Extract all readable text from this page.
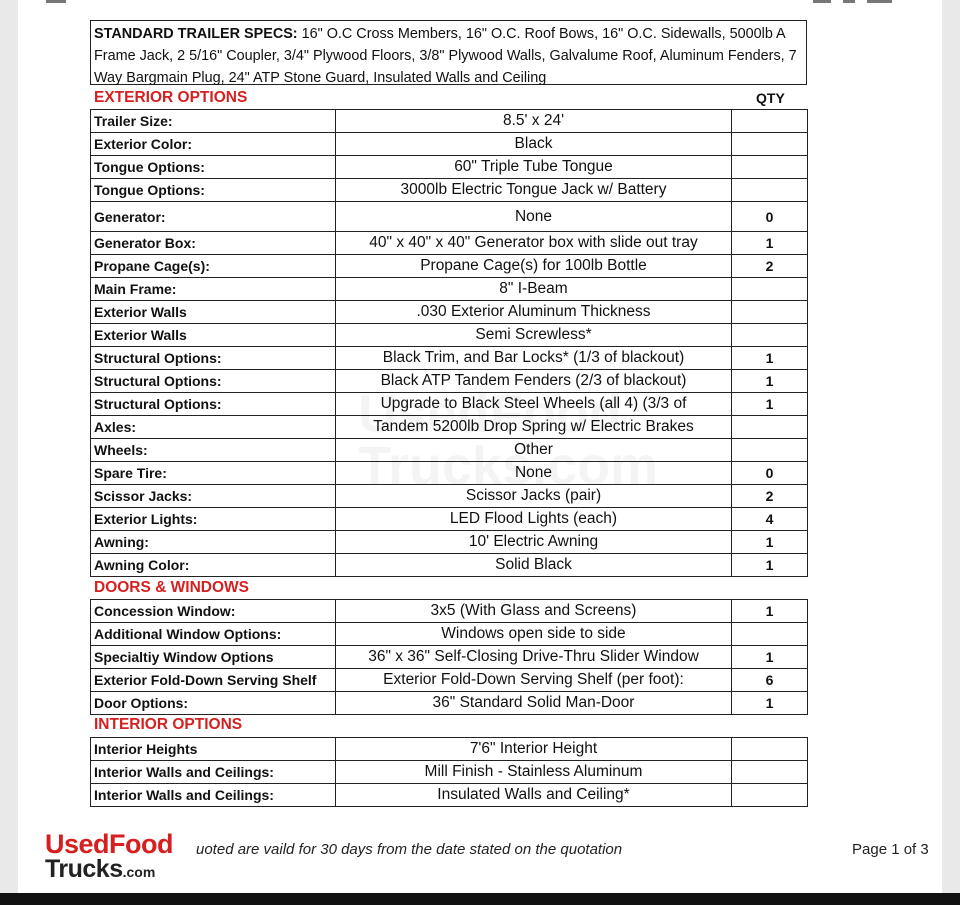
STANDARD TRAILER SPECS: 16" O.C Cross Members, 16" O.C. Roof Bows, 16" O.C. Sidewalls, 5000lb A Frame Jack, 2 5/16" Coupler, 3/4" Plywood Floors, 3/8" Plywood Walls, Galvalume Roof, Aluminum Fenders, 7 Way Bargmain Plug, 24" ATP Stone Guard, Insulated Walls and Ceiling
EXTERIOR OPTIONS	QTY
Trailer Size:	8.5' x 24'	
Exterior Color:	Black	
Tongue Options:	60" Triple Tube Tongue	
Tongue Options:	3000lb Electric Tongue Jack w/ Battery	
Generator:	None	0
Generator Box:	40" x 40" x 40" Generator box with slide out tray	1
Propane Cage(s):	Propane Cage(s) for 100lb Bottle	2
Main Frame:	8" I-Beam	
Exterior Walls	.030 Exterior Aluminum Thickness	
Exterior Walls	Semi Screwless*	
Structural Options:	Black Trim, and Bar Locks* (1/3 of blackout)	1
Structural Options:	Black ATP Tandem Fenders (2/3 of blackout)	1
Structural Options:	Upgrade to Black Steel Wheels (all 4) (3/3 of	1
Axles:	Tandem 5200lb Drop Spring w/ Electric Brakes	
Wheels:	Other	
Spare Tire:	None	0
Scissor Jacks:	Scissor Jacks (pair)	2
Exterior Lights:	LED Flood Lights (each)	4
Awning:	10' Electric Awning	1
Awning Color:	Solid Black	1
DOORS & WINDOWS
Concession Window:	3x5 (With Glass and Screens)	1
Additional Window Options:	Windows open side to side	
Specialtiy Window Options	36" x 36" Self-Closing Drive-Thru Slider Window	1
Exterior Fold-Down Serving Shelf	Exterior Fold-Down Serving Shelf (per foot):	6
Door Options:	36" Standard Solid Man-Door	1
INTERIOR OPTIONS
Interior Heights	7'6" Interior Height	
Interior Walls and Ceilings:	Mill Finish - Stainless Aluminum	
Interior Walls and Ceilings:	Insulated Walls and Ceiling*	
UsedFood
Trucks.com
uoted are vaild for 30 days from the date stated on the quotation	Page 1 of 3
